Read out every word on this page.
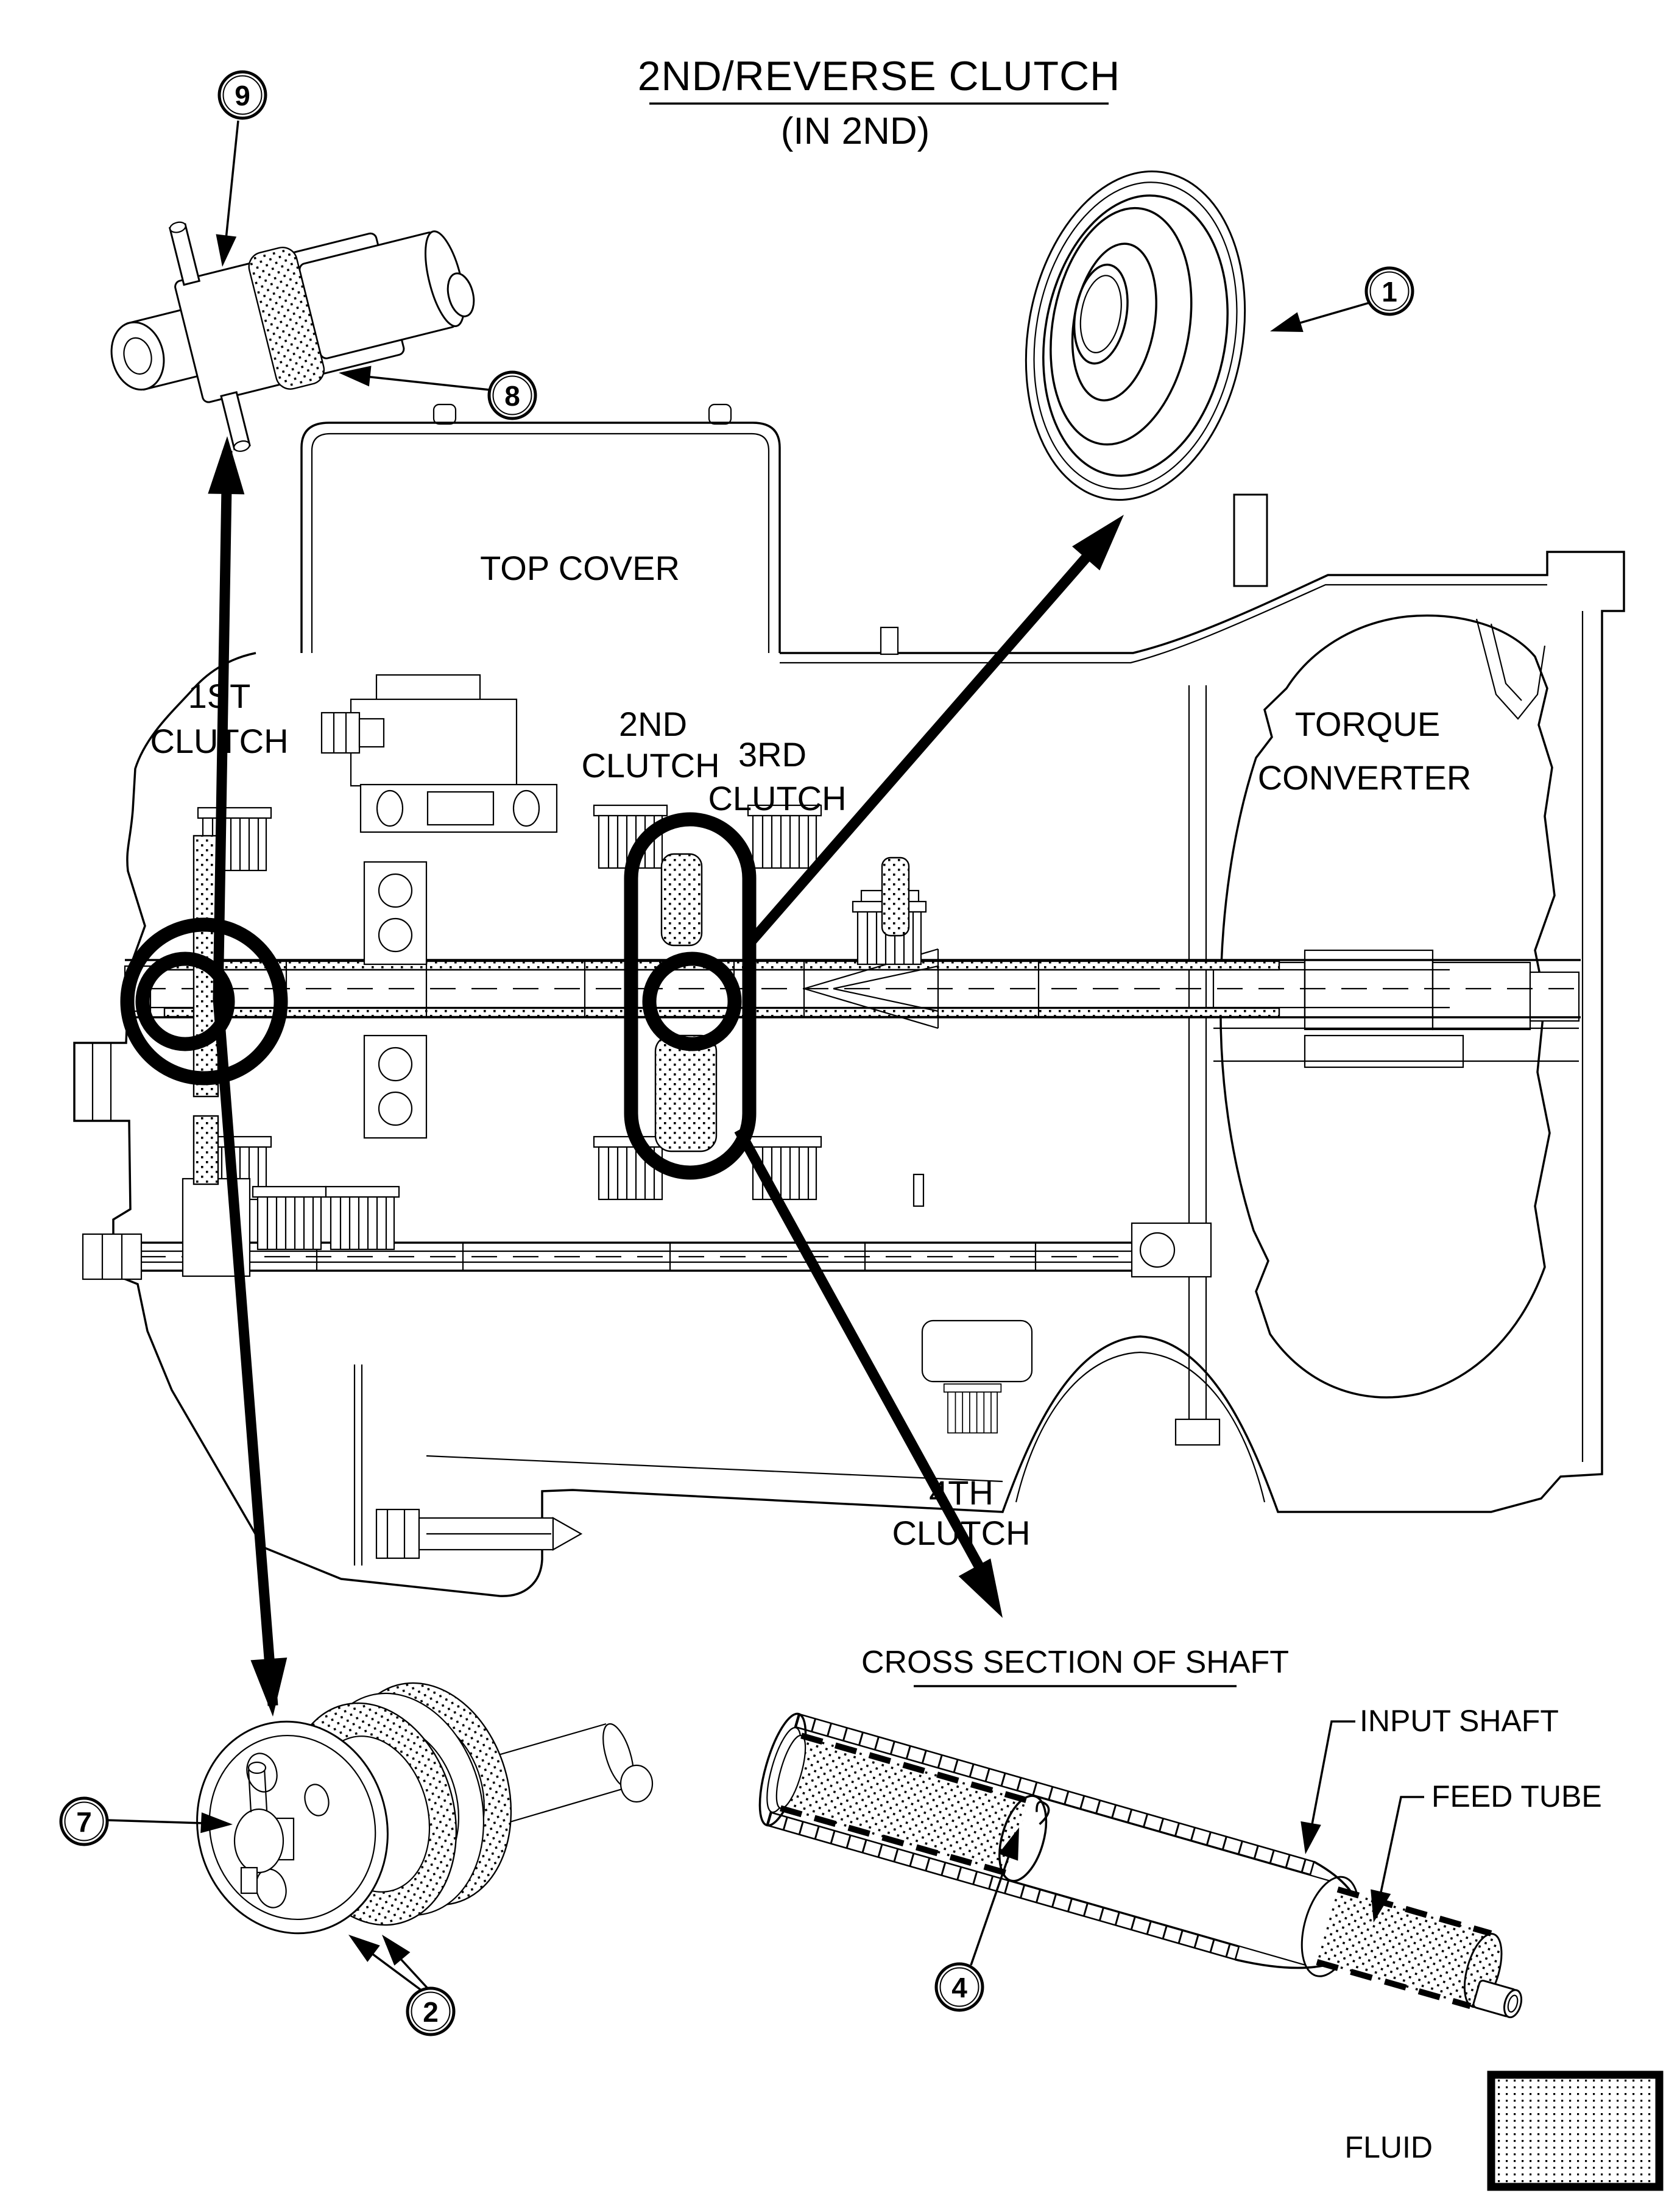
2ND/REVERSE CLUTCH
(IN 2ND)
TOP COVER
TORQUE
CONVERTER
1ST
CLUTCH	2ND
CLUTCH 3RD
CLUTCH
4TH
CLUTCH
9
8
1
7
2
CROSS SECTION OF SHAFT
INPUT SHAFT
FEED TUBE
4
FLUID
